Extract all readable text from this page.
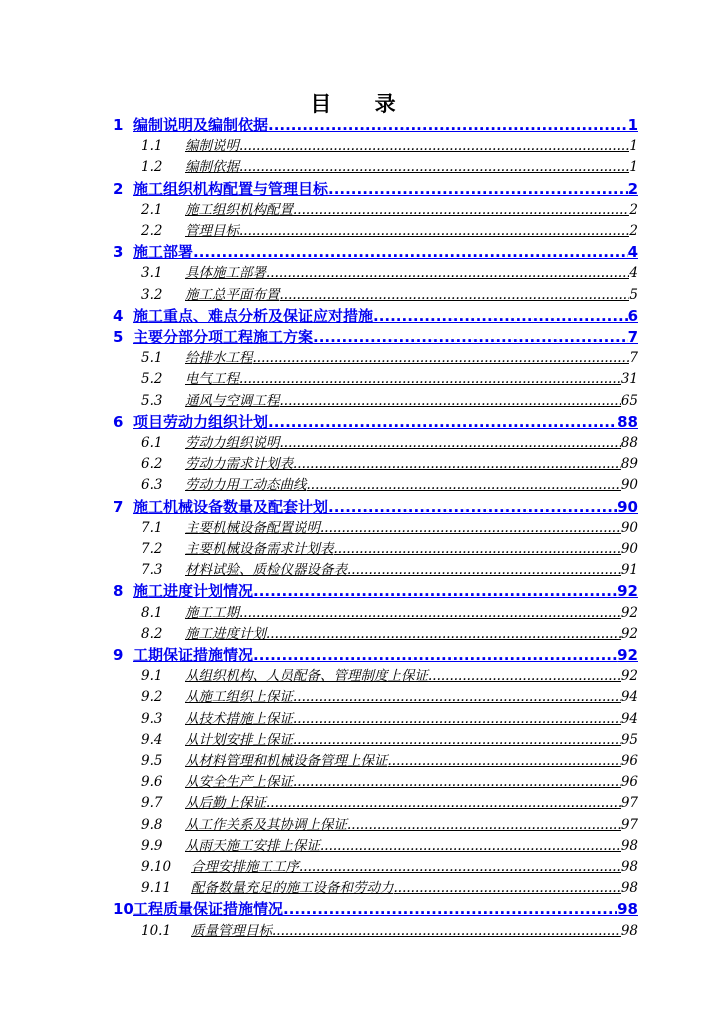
目 录
1 编制说明及编制依据 .....	1
1.1	编制说明 .....	1
1.2	编制依据 .....	1
2 施工组织机构配置与管理目标 .....	2
2.1	施工组织机构配置 .....	2
2.2	管理目标 .....	2
3 施工部署 .....	4
3.1	具体施工部署 .....	4
3.2	施工总平面布置 .....	5
4 施工重点、难点分析及保证应对措施 .....	6
5 主要分部分项工程施工方案 .....	7
5.1	给排水工程 .....	7
5.2	电气工程 .....	31
5.3	通风与空调工程 .....	65
6 项目劳动力组织计划 .....	88
6.1	劳动力组织说明 .....	88
6.2	劳动力需求计划表 .....	89
6.3	劳动力用工动态曲线 .....	90
7 施工机械设备数量及配套计划 .....	90
7.1	主要机械设备配置说明 .....	90
7.2	主要机械设备需求计划表 .....	90
7.3	材料试验、质检仪器设备表 .....	91
8 施工进度计划情况 .....	92
8.1	施工工期 .....	92
8.2	施工进度计划 .....	92
9 工期保证措施情况 .....	92
9.1	从组织机构、人员配备、管理制度上保证 .....	92
9.2	从施工组织上保证 .....	94
9.3	从技术措施上保证 .....	94
9.4	从计划安排上保证 .....	95
9.5	从材料管理和机械设备管理上保证 .....	96
9.6	从安全生产上保证 .....	96
9.7	从后勤上保证 .....	97
9.8	从工作关系及其协调上保证 .....	97
9.9	从雨天施工安排上保证 .....	98
9.10	合理安排施工工序 .....	98
9.11	配备数量充足的施工设备和劳动力 .....	98
10 工程质量保证措施情况 .....	98
10.1	质量管理目标 .....	98
